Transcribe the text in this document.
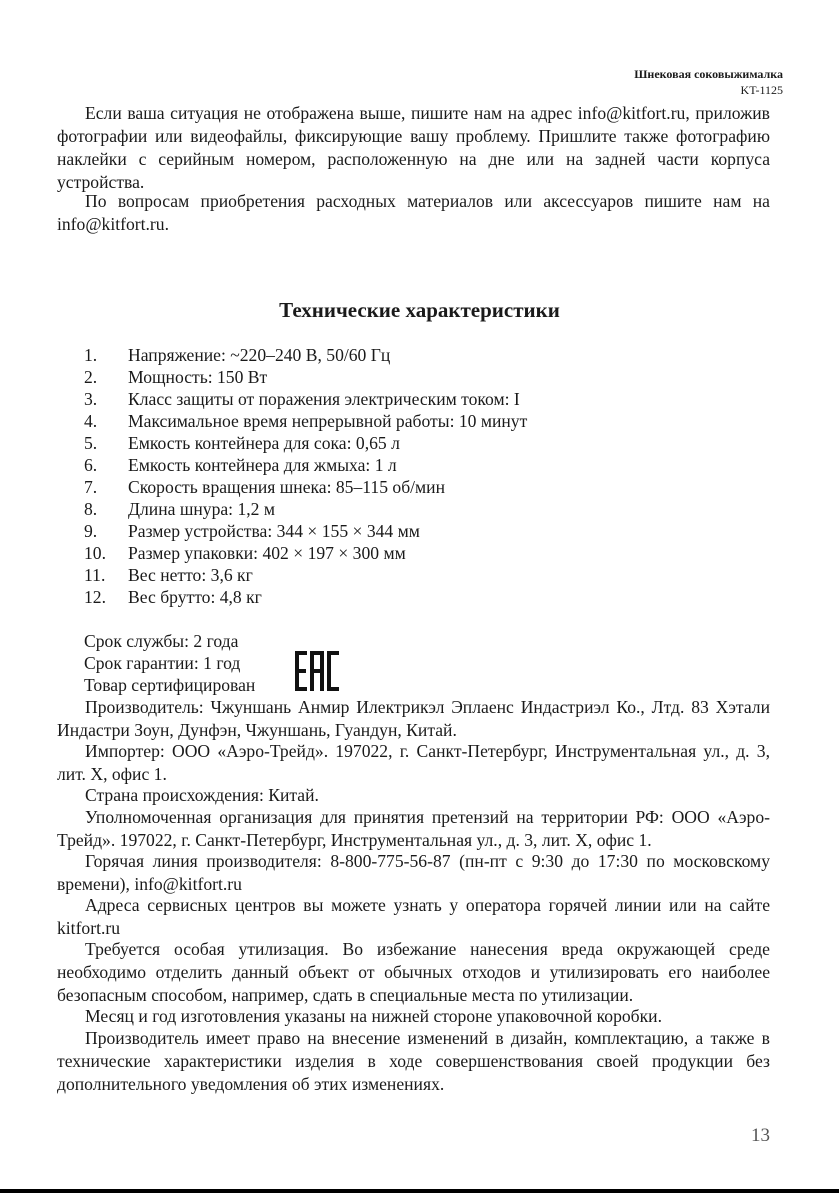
Шнековая соковыжималка
KT-1125

Если ваша ситуация не отображена выше, пишите нам на адрес info@kitfort.ru, приложив фотографии или видеофайлы, фиксирующие вашу проблему. Пришлите также фотографию наклейки с серийным номером, расположенную на дне или на задней части корпуса устройства.

По вопросам приобретения расходных материалов или аксессуаров пишите нам на info@kitfort.ru.

Технические характеристики
1. Напряжение: ~220–240 В, 50/60 Гц
2. Мощность: 150 Вт
3. Класс защиты от поражения электрическим током: I
4. Максимальное время непрерывной работы: 10 минут
5. Емкость контейнера для сока: 0,65 л
6. Емкость контейнера для жмыха: 1 л
7. Скорость вращения шнека: 85–115 об/мин
8. Длина шнура: 1,2 м
9. Размер устройства: 344 × 155 × 344 мм
10. Размер упаковки: 402 × 197 × 300 мм
11. Вес нетто: 3,6 кг
12. Вес брутто: 4,8 кг

Срок службы: 2 года

Срок гарантии: 1 год

Товар сертифицирован

Производитель: Чжуншань Анмир Илектрикэл Эплаенс Индастриэл Ко., Лтд. 83 Хэтали Индастри Зоун, Дунфэн, Чжуншань, Гуандун, Китай.

Импортер: ООО «Аэро-Трейд». 197022, г. Санкт-Петербург, Инструментальная ул., д. 3, лит. Х, офис 1.

Страна происхождения: Китай.

Уполномоченная организация для принятия претензий на территории РФ: ООО «Аэро-Трейд». 197022, г. Санкт-Петербург, Инструментальная ул., д. 3, лит. Х, офис 1.

Горячая линия производителя: 8-800-775-56-87 (пн-пт с 9:30 до 17:30 по московскому времени), info@kitfort.ru

Адреса сервисных центров вы можете узнать у оператора горячей линии или на сайте kitfort.ru

Требуется особая утилизация. Во избежание нанесения вреда окружающей среде необходимо отделить данный объект от обычных отходов и утилизировать его наиболее безопасным способом, например, сдать в специальные места по утилизации.

Месяц и год изготовления указаны на нижней стороне упаковочной коробки.

Производитель имеет право на внесение изменений в дизайн, комплектацию, а также в технические характеристики изделия в ходе совершенствования своей продукции без дополнительного уведомления об этих изменениях.

13
